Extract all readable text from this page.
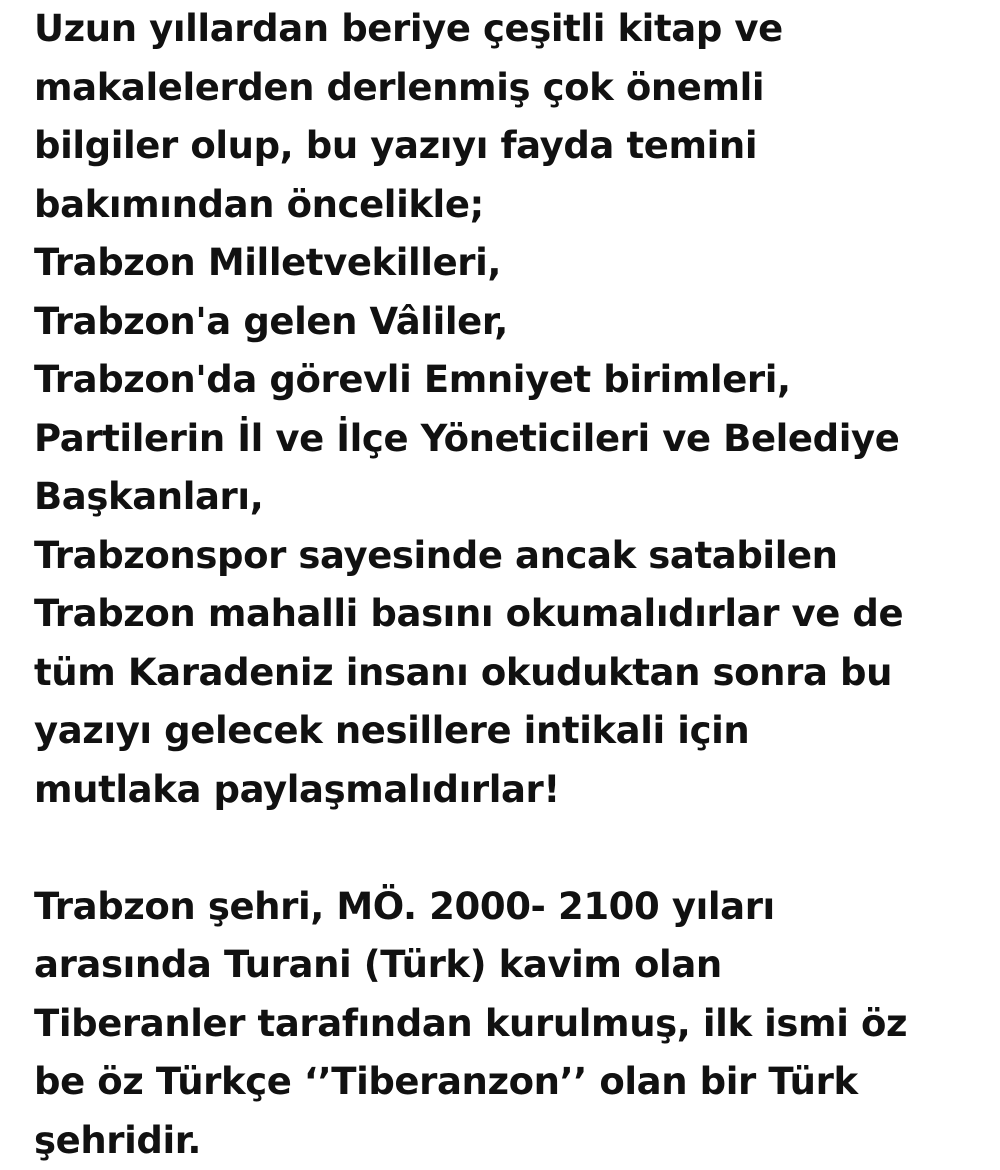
Uzun yıllardan beriye çeşitli kitap ve
makalelerden derlenmiş çok önemli
bilgiler olup, bu yazıyı fayda temini
bakımından öncelikle;
Trabzon Milletvekilleri,
Trabzon'a gelen Vâliler,
Trabzon'da görevli Emniyet birimleri,
Partilerin İl ve İlçe Yöneticileri ve Belediye
Başkanları,
Trabzonspor sayesinde ancak satabilen
Trabzon mahalli basını okumalıdırlar ve de
tüm Karadeniz insanı okuduktan sonra bu
yazıyı gelecek nesillere intikali için
mutlaka paylaşmalıdırlar!
Trabzon şehri, MÖ. 2000- 2100 yıları
arasında Turani (Türk) kavim olan
Tiberanler tarafından kurulmuş, ilk ismi öz
be öz Türkçe ‘’Tiberanzon’’ olan bir Türk
şehridir.
